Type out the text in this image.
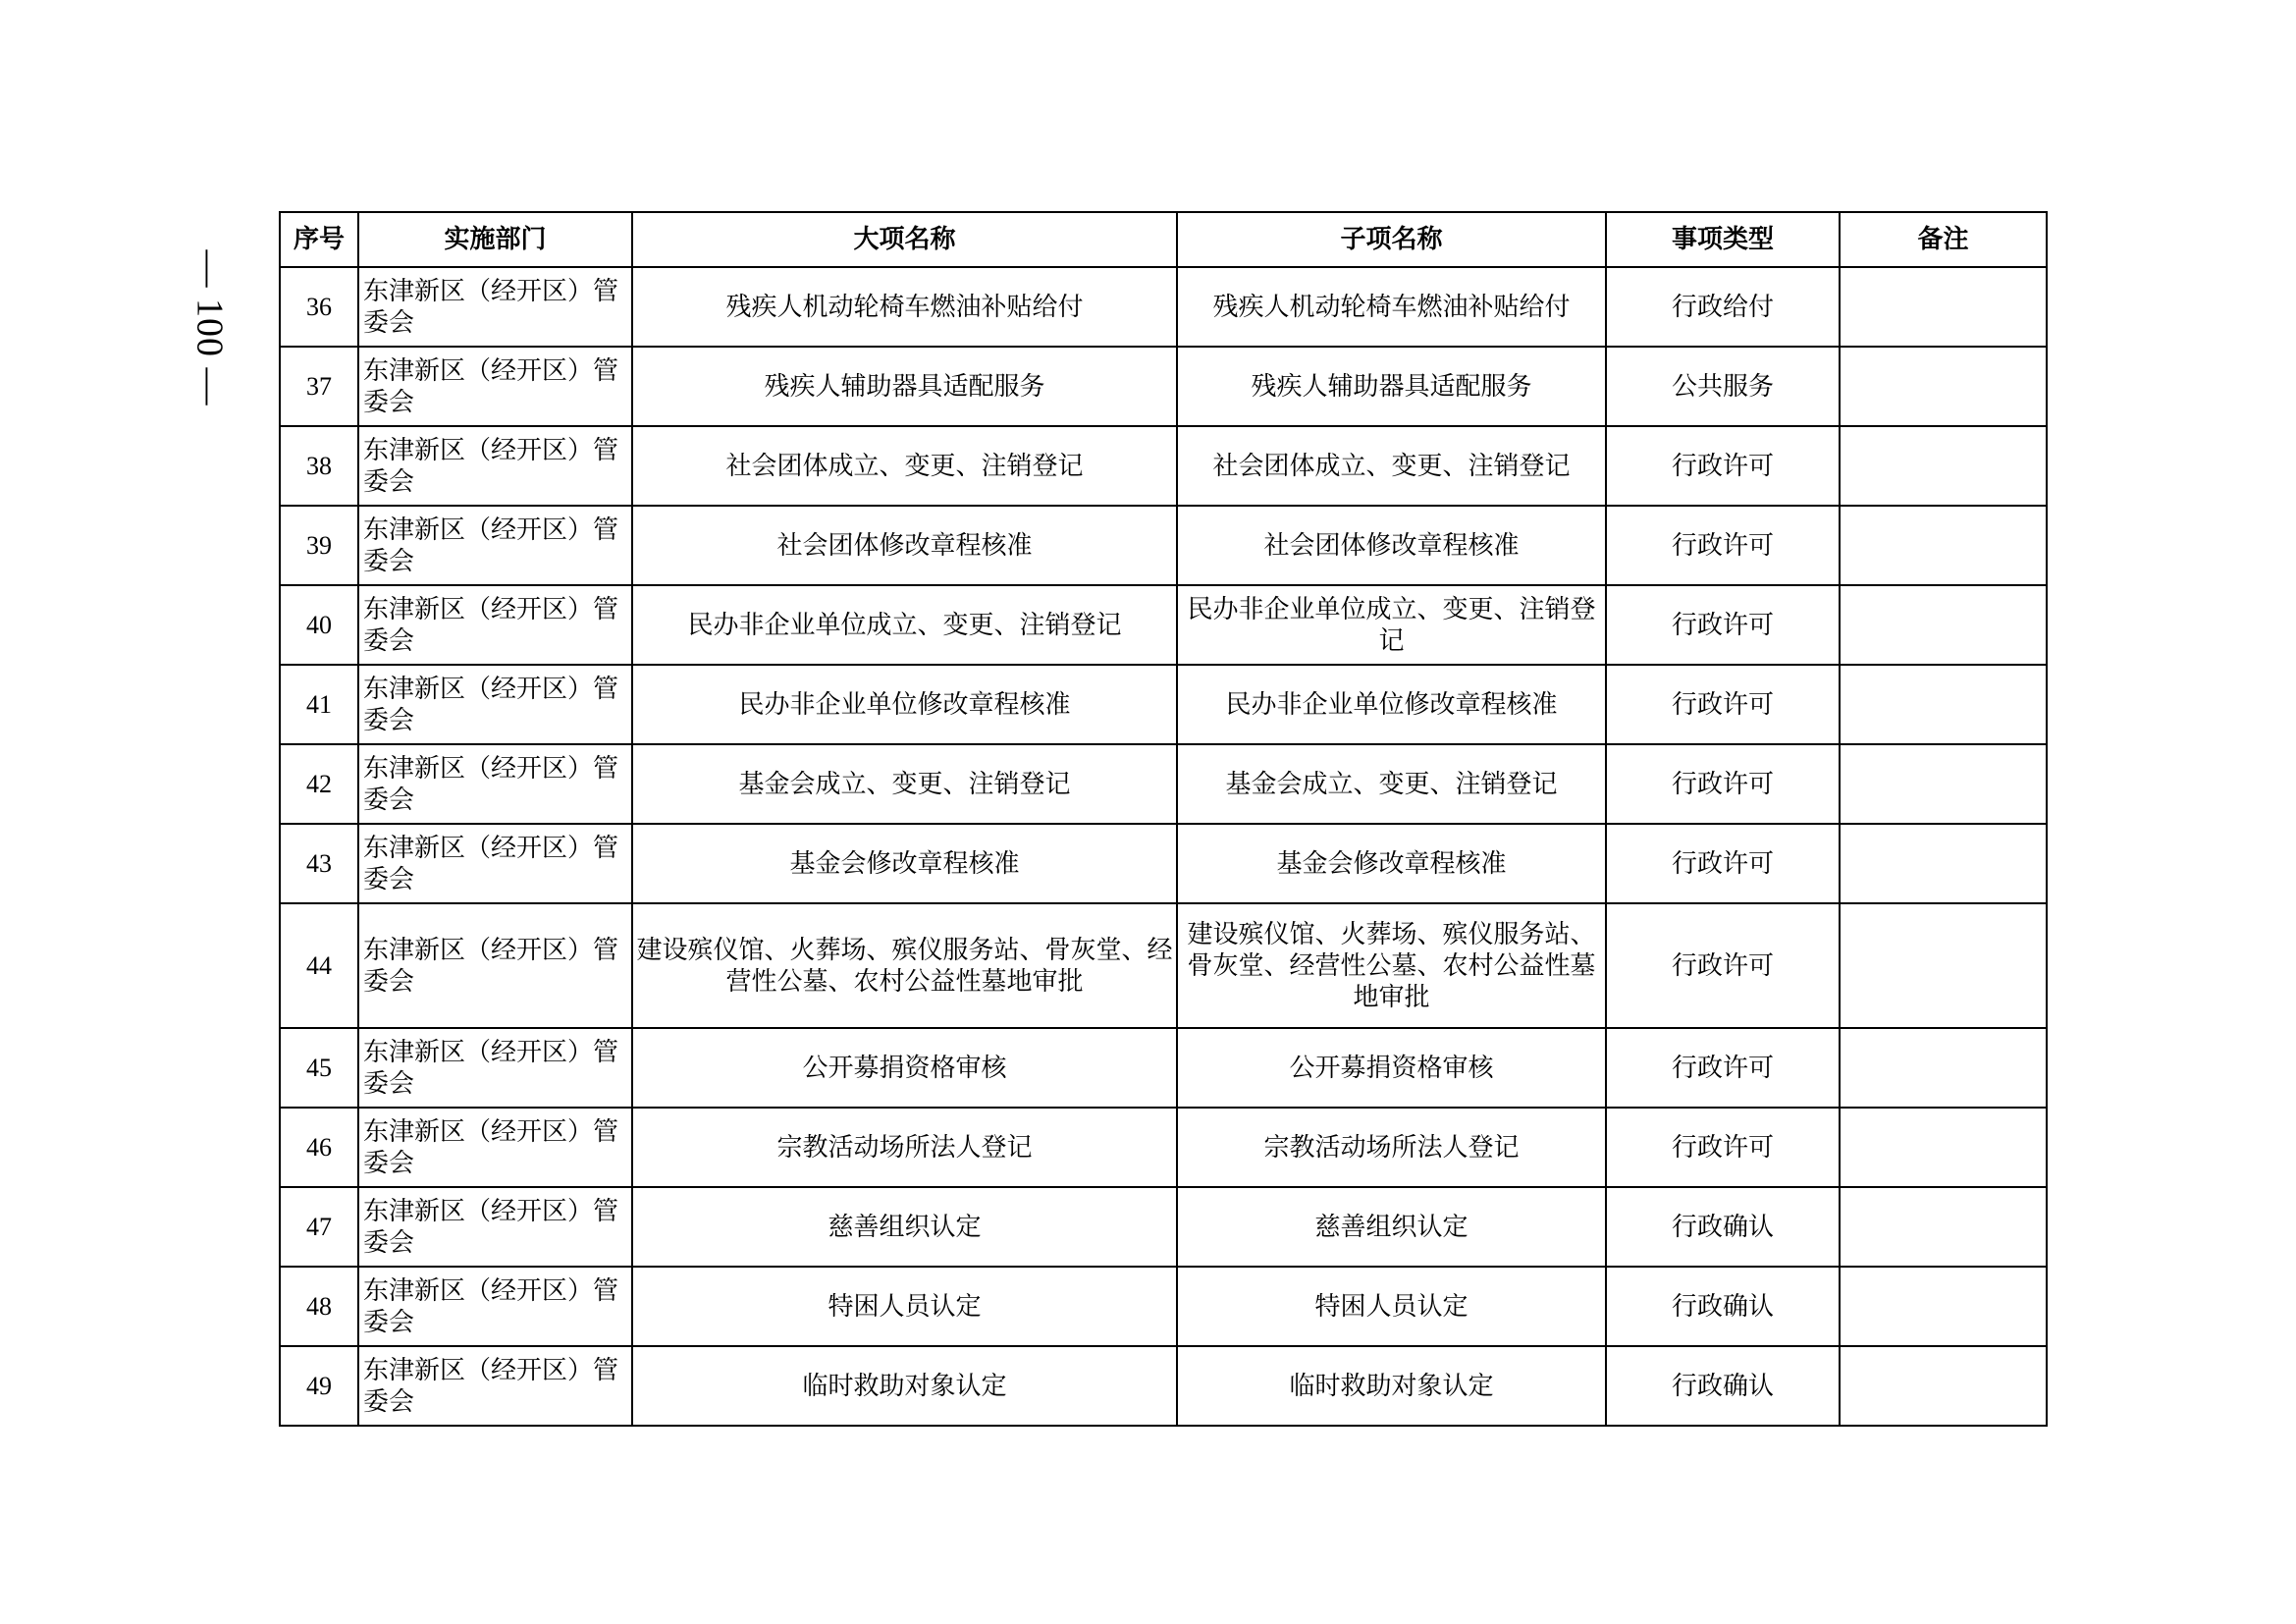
— 100 —
序号	实施部门	大项名称	子项名称	事项类型	备注
36	东津新区（经开区）管委会	残疾人机动轮椅车燃油补贴给付	残疾人机动轮椅车燃油补贴给付	行政给付	
37	东津新区（经开区）管委会	残疾人辅助器具适配服务	残疾人辅助器具适配服务	公共服务	
38	东津新区（经开区）管委会	社会团体成立、变更、注销登记	社会团体成立、变更、注销登记	行政许可	
39	东津新区（经开区）管委会	社会团体修改章程核准	社会团体修改章程核准	行政许可	
40	东津新区（经开区）管委会	民办非企业单位成立、变更、注销登记	民办非企业单位成立、变更、注销登记	行政许可	
41	东津新区（经开区）管委会	民办非企业单位修改章程核准	民办非企业单位修改章程核准	行政许可	
42	东津新区（经开区）管委会	基金会成立、变更、注销登记	基金会成立、变更、注销登记	行政许可	
43	东津新区（经开区）管委会	基金会修改章程核准	基金会修改章程核准	行政许可	
44	东津新区（经开区）管委会	建设殡仪馆、火葬场、殡仪服务站、骨灰堂、经营性公墓、农村公益性墓地审批	建设殡仪馆、火葬场、殡仪服务站、骨灰堂、经营性公墓、农村公益性墓地审批	行政许可	
45	东津新区（经开区）管委会	公开募捐资格审核	公开募捐资格审核	行政许可	
46	东津新区（经开区）管委会	宗教活动场所法人登记	宗教活动场所法人登记	行政许可	
47	东津新区（经开区）管委会	慈善组织认定	慈善组织认定	行政确认	
48	东津新区（经开区）管委会	特困人员认定	特困人员认定	行政确认	
49	东津新区（经开区）管委会	临时救助对象认定	临时救助对象认定	行政确认	
